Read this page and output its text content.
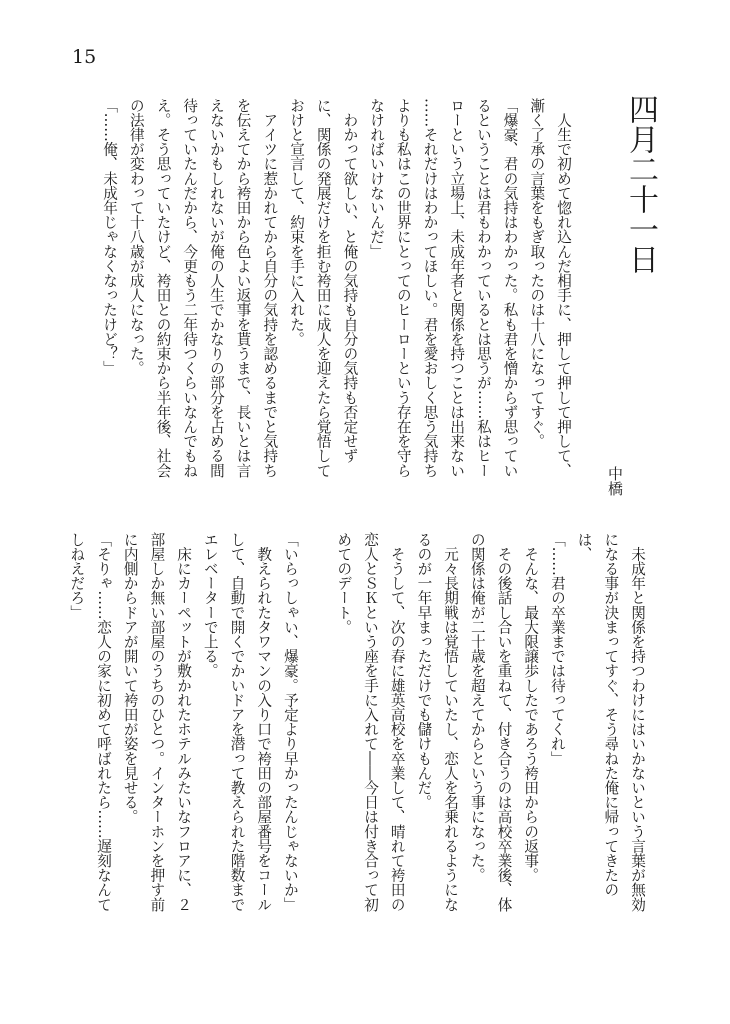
15
四月二十一日
中橋
　人生で初めて惚れ込んだ相手に、押して押して押して、
漸く了承の言葉をもぎ取ったのは十八になってすぐ。
「爆豪、君の気持はわかった。私も君を憎からず思ってい
るということは君もわかっているとは思うが……私はヒー
ローという立場上、未成年者と関係を持つことは出来ない
……それだけはわかってほしい。君を愛おしく思う気持ち
よりも私はこの世界にとってのヒーローという存在を守ら
なければいけないんだ」
　わかって欲しい、と俺の気持も自分の気持も否定せず
に、関係の発展だけを拒む袴田に成人を迎えたら覚悟して
おけと宣言して、約束を手に入れた。
　アイツに惹かれてから自分の気持を認めるまでと気持ち
を伝えてから袴田から色よい返事を貰うまで、長いとは言
えないかもしれないが俺の人生でかなりの部分を占める間
待っていたんだから、今更もう二年待つくらいなんでもね
え。そう思っていたけど、袴田との約束から半年後、社会
の法律が変わって十八歳が成人になった。
「……俺、未成年じゃなくなったけど？」
　未成年と関係を持つわけにはいかないという言葉が無効
になる事が決まってすぐ、そう尋ねた俺に帰ってきたの
は、
「……君の卒業までは待ってくれ」
　そんな、最大限譲歩したであろう袴田からの返事。
　その後話し合いを重ねて、付き合うのは高校卒業後、体
の関係は俺が二十歳を超えてからという事になった。
　元々長期戦は覚悟していたし、恋人を名乗れるようにな
るのが一年早まっただけでも儲けもんだ。
　そうして、次の春に雄英高校を卒業して、晴れて袴田の
恋人とＳＫという座を手に入れて――今日は付き合って初
めてのデート。
「いらっしゃい、爆豪。予定より早かったんじゃないか」
　教えられたタワマンの入り口で袴田の部屋番号をコール
して、自動で開くでかいドアを潜って教えられた階数まで
エレベーターで上る。
　床にカーペットが敷かれたホテルみたいなフロアに、２
部屋しか無い部屋のうちのひとつ。インターホンを押す前
に内側からドアが開いて袴田が姿を見せる。
「そりゃ……恋人の家に初めて呼ばれたら……遅刻なんて
しねえだろ」
